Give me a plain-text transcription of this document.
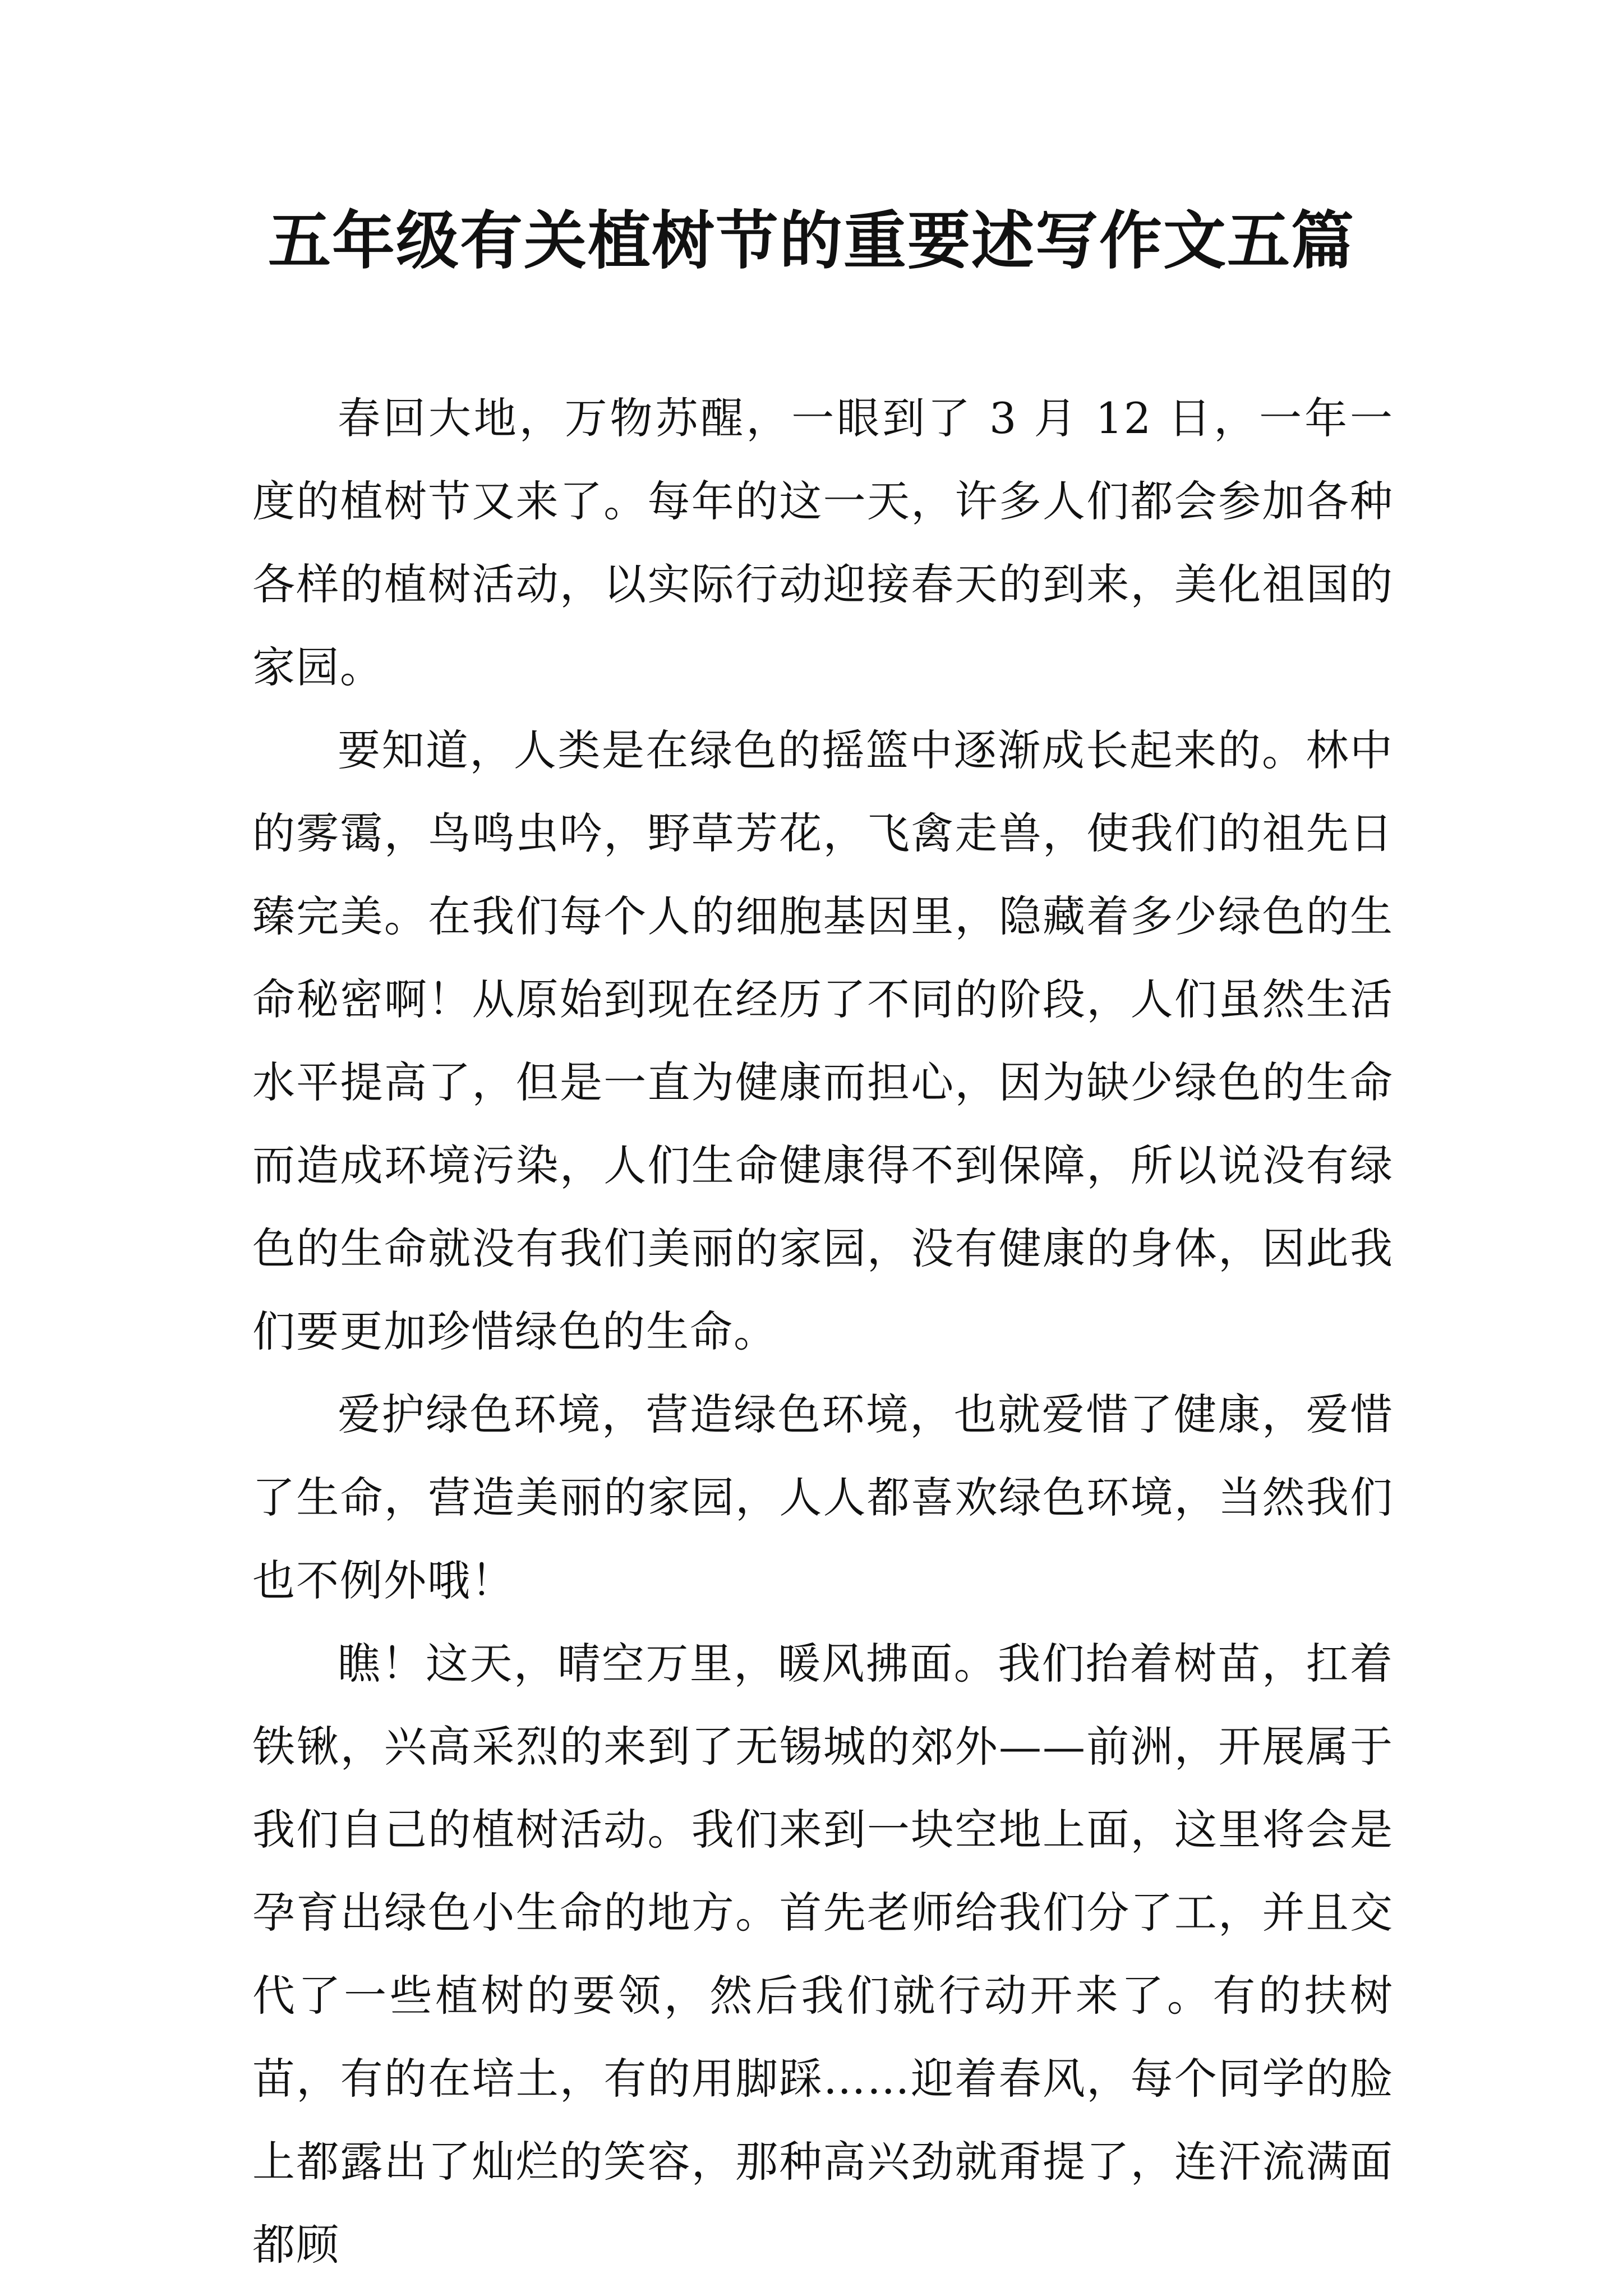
五年级有关植树节的重要述写作文五篇

春回大地，万物苏醒，一眼到了 3 月 12 日，一年一度的植树节又来了。每年的这一天，许多人们都会参加各种各样的植树活动，以实际行动迎接春天的到来，美化祖国的家园。

要知道，人类是在绿色的摇篮中逐渐成长起来的。林中的雾霭，鸟鸣虫吟，野草芳花，飞禽走兽，使我们的祖先日臻完美。在我们每个人的细胞基因里，隐藏着多少绿色的生命秘密啊！从原始到现在经历了不同的阶段，人们虽然生活水平提高了，但是一直为健康而担心，因为缺少绿色的生命而造成环境污染，人们生命健康得不到保障，所以说没有绿色的生命就没有我们美丽的家园，没有健康的身体，因此我们要更加珍惜绿色的生命。

爱护绿色环境，营造绿色环境，也就爱惜了健康，爱惜了生命，营造美丽的家园，人人都喜欢绿色环境，当然我们也不例外哦！

瞧！这天，晴空万里，暖风拂面。我们抬着树苗，扛着铁锹，兴高采烈的来到了无锡城的郊外——前洲，开展属于我们自己的植树活动。我们来到一块空地上面，这里将会是孕育出绿色小生命的地方。首先老师给我们分了工，并且交代了一些植树的要领，然后我们就行动开来了。有的扶树苗，有的在培土，有的用脚踩……迎着春风，每个同学的脸上都露出了灿烂的笑容，那种高兴劲就甭提了，连汗流满面都顾
